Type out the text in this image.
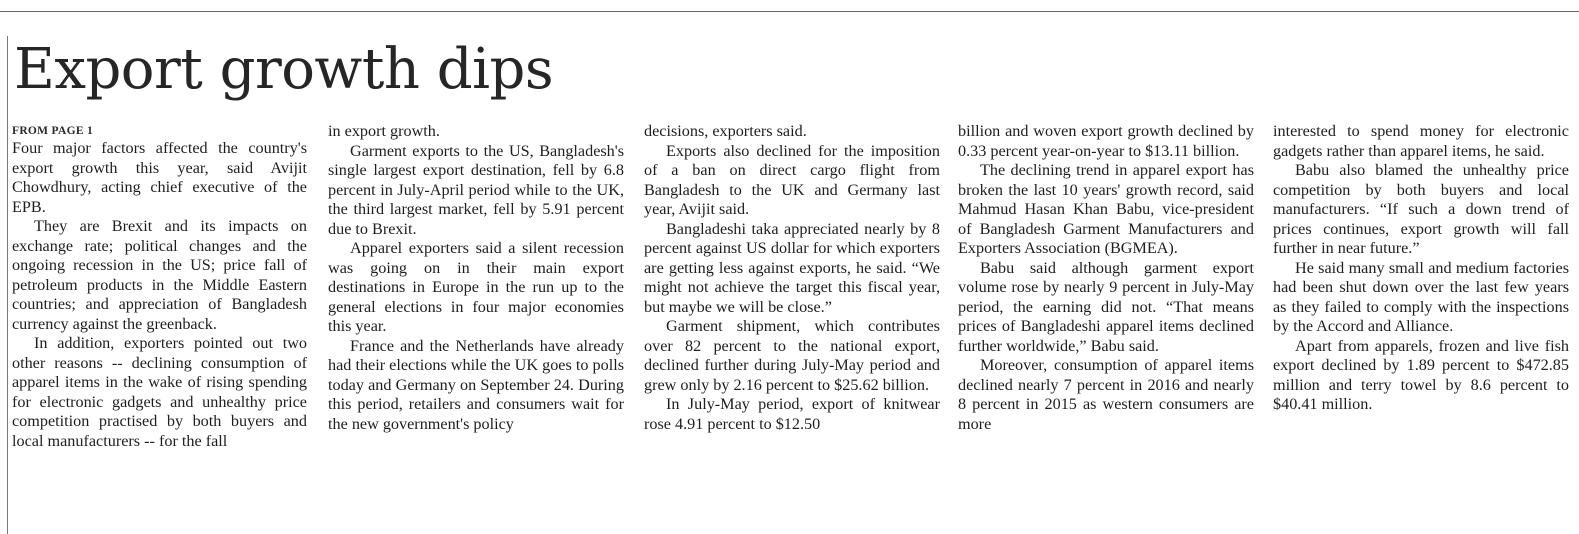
Export growth dips
FROM PAGE 1

Four major factors affected the country's export growth this year, said Avijit Chowdhury, acting chief executive of the EPB.

They are Brexit and its impacts on exchange rate; political changes and the ongoing recession in the US; price fall of petroleum products in the Middle Eastern countries; and appreciation of Bangladesh currency against the greenback.

In addition, exporters pointed out two other reasons -- declining consumption of apparel items in the wake of rising spending for electronic gadgets and unhealthy price competition practised by both buyers and local manufacturers -- for the fall

in export growth.

Garment exports to the US, Bangladesh's single largest export destination, fell by 6.8 percent in July-April period while to the UK, the third largest market, fell by 5.91 percent due to Brexit.

Apparel exporters said a silent recession was going on in their main export destinations in Europe in the run up to the general elections in four major economies this year.

France and the Netherlands have already had their elections while the UK goes to polls today and Germany on September 24. During this period, retailers and consumers wait for the new government's policy

decisions, exporters said.

Exports also declined for the imposition of a ban on direct cargo flight from Bangladesh to the UK and Germany last year, Avijit said.

Bangladeshi taka appreciated nearly by 8 percent against US dollar for which exporters are getting less against exports, he said. “We might not achieve the target this fiscal year, but maybe we will be close.”

Garment shipment, which contributes over 82 percent to the national export, declined further during July-May period and grew only by 2.16 percent to $25.62 billion.

In July-May period, export of knitwear rose 4.91 percent to $12.50

billion and woven export growth declined by 0.33 percent year-on-year to $13.11 billion.

The declining trend in apparel export has broken the last 10 years' growth record, said Mahmud Hasan Khan Babu, vice-president of Bangladesh Garment Manufacturers and Exporters Association (BGMEA).

Babu said although garment export volume rose by nearly 9 percent in July-May period, the earning did not. “That means prices of Bangladeshi apparel items declined further worldwide,” Babu said.

Moreover, consumption of apparel items declined nearly 7 percent in 2016 and nearly 8 percent in 2015 as western consumers are more

interested to spend money for electronic gadgets rather than apparel items, he said.

Babu also blamed the unhealthy price competition by both buyers and local manufacturers. “If such a down trend of prices continues, export growth will fall further in near future.”

He said many small and medium factories had been shut down over the last few years as they failed to comply with the inspections by the Accord and Alliance.

Apart from apparels, frozen and live fish export declined by 1.89 percent to $472.85 million and terry towel by 8.6 percent to $40.41 million.
